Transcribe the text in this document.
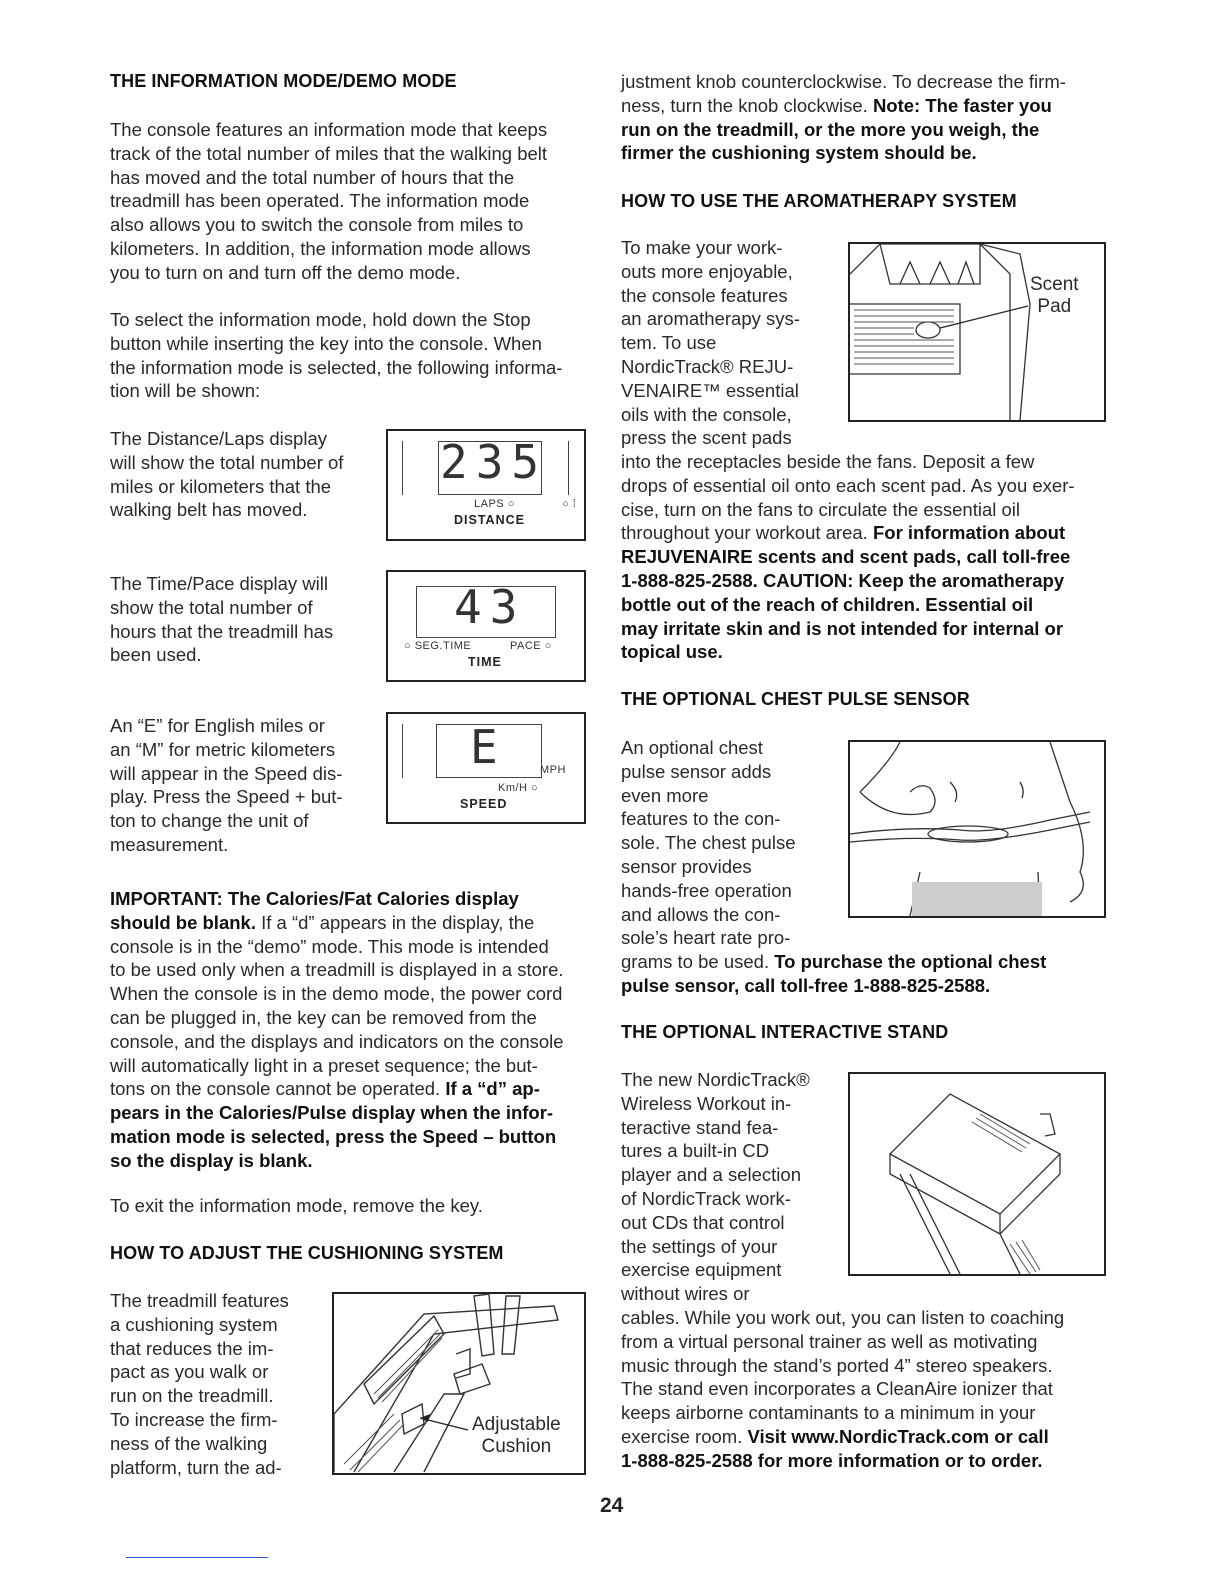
THE INFORMATION MODE/DEMO MODE
The console features an information mode that keeps
track of the total number of miles that the walking belt
has moved and the total number of hours that the
treadmill has been operated. The information mode
also allows you to switch the console from miles to
kilometers. In addition, the information mode allows
you to turn on and turn off the demo mode.
To select the information mode, hold down the Stop
button while inserting the key into the console. When
the information mode is selected, the following informa-
tion will be shown:
The Distance/Laps display
will show the total number of
miles or kilometers that the
walking belt has moved.
235
LAPS ○	○ ⁞
DISTANCE
The Time/Pace display will
show the total number of
hours that the treadmill has
been used.
43
○ SEG.TIME	PACE ○
TIME
An “E” for English miles or
an “M” for metric kilometers
will appear in the Speed dis-
play. Press the Speed + but-
ton to change the unit of
measurement.
E	MPH
Km/H ○
SPEED
IMPORTANT: The Calories/Fat Calories display
should be blank. If a “d” appears in the display, the
console is in the “demo” mode. This mode is intended
to be used only when a treadmill is displayed in a store.
When the console is in the demo mode, the power cord
can be plugged in, the key can be removed from the
console, and the displays and indicators on the console
will automatically light in a preset sequence; the but-
tons on the console cannot be operated. If a “d” ap-
pears in the Calories/Pulse display when the infor-
mation mode is selected, press the Speed – button
so the display is blank.
To exit the information mode, remove the key.
HOW TO ADJUST THE CUSHIONING SYSTEM
The treadmill features
a cushioning system
that reduces the im-
pact as you walk or
run on the treadmill.
To increase the firm-
ness of the walking
platform, turn the ad-
Adjustable
Cushion
justment knob counterclockwise. To decrease the firm-
ness, turn the knob clockwise. Note: The faster you
run on the treadmill, or the more you weigh, the
firmer the cushioning system should be.
HOW TO USE THE AROMATHERAPY SYSTEM
To make your work-
outs more enjoyable,
the console features
an aromatherapy sys-
tem. To use
NordicTrack® REJU-
VENAIRE™ essential
oils with the console,
press the scent pads
Scent
Pad
into the receptacles beside the fans. Deposit a few
drops of essential oil onto each scent pad. As you exer-
cise, turn on the fans to circulate the essential oil
throughout your workout area. For information about
REJUVENAIRE scents and scent pads, call toll-free
1-888-825-2588. CAUTION: Keep the aromatherapy
bottle out of the reach of children. Essential oil
may irritate skin and is not intended for internal or
topical use.
THE OPTIONAL CHEST PULSE SENSOR
An optional chest
pulse sensor adds
even more
features to the con-
sole. The chest pulse
sensor provides
hands-free operation
and allows the con-
sole’s heart rate pro-
grams to be used. To purchase the optional chest
pulse sensor, call toll-free 1-888-825-2588.
THE OPTIONAL INTERACTIVE STAND
The new NordicTrack®
Wireless Workout in-
teractive stand fea-
tures a built-in CD
player and a selection
of NordicTrack work-
out CDs that control
the settings of your
exercise equipment
without wires or
cables. While you work out, you can listen to coaching
from a virtual personal trainer as well as motivating
music through the stand’s ported 4” stereo speakers.
The stand even incorporates a CleanAire ionizer that
keeps airborne contaminants to a minimum in your
exercise room. Visit www.NordicTrack.com or call
1-888-825-2588 for more information or to order.
24
